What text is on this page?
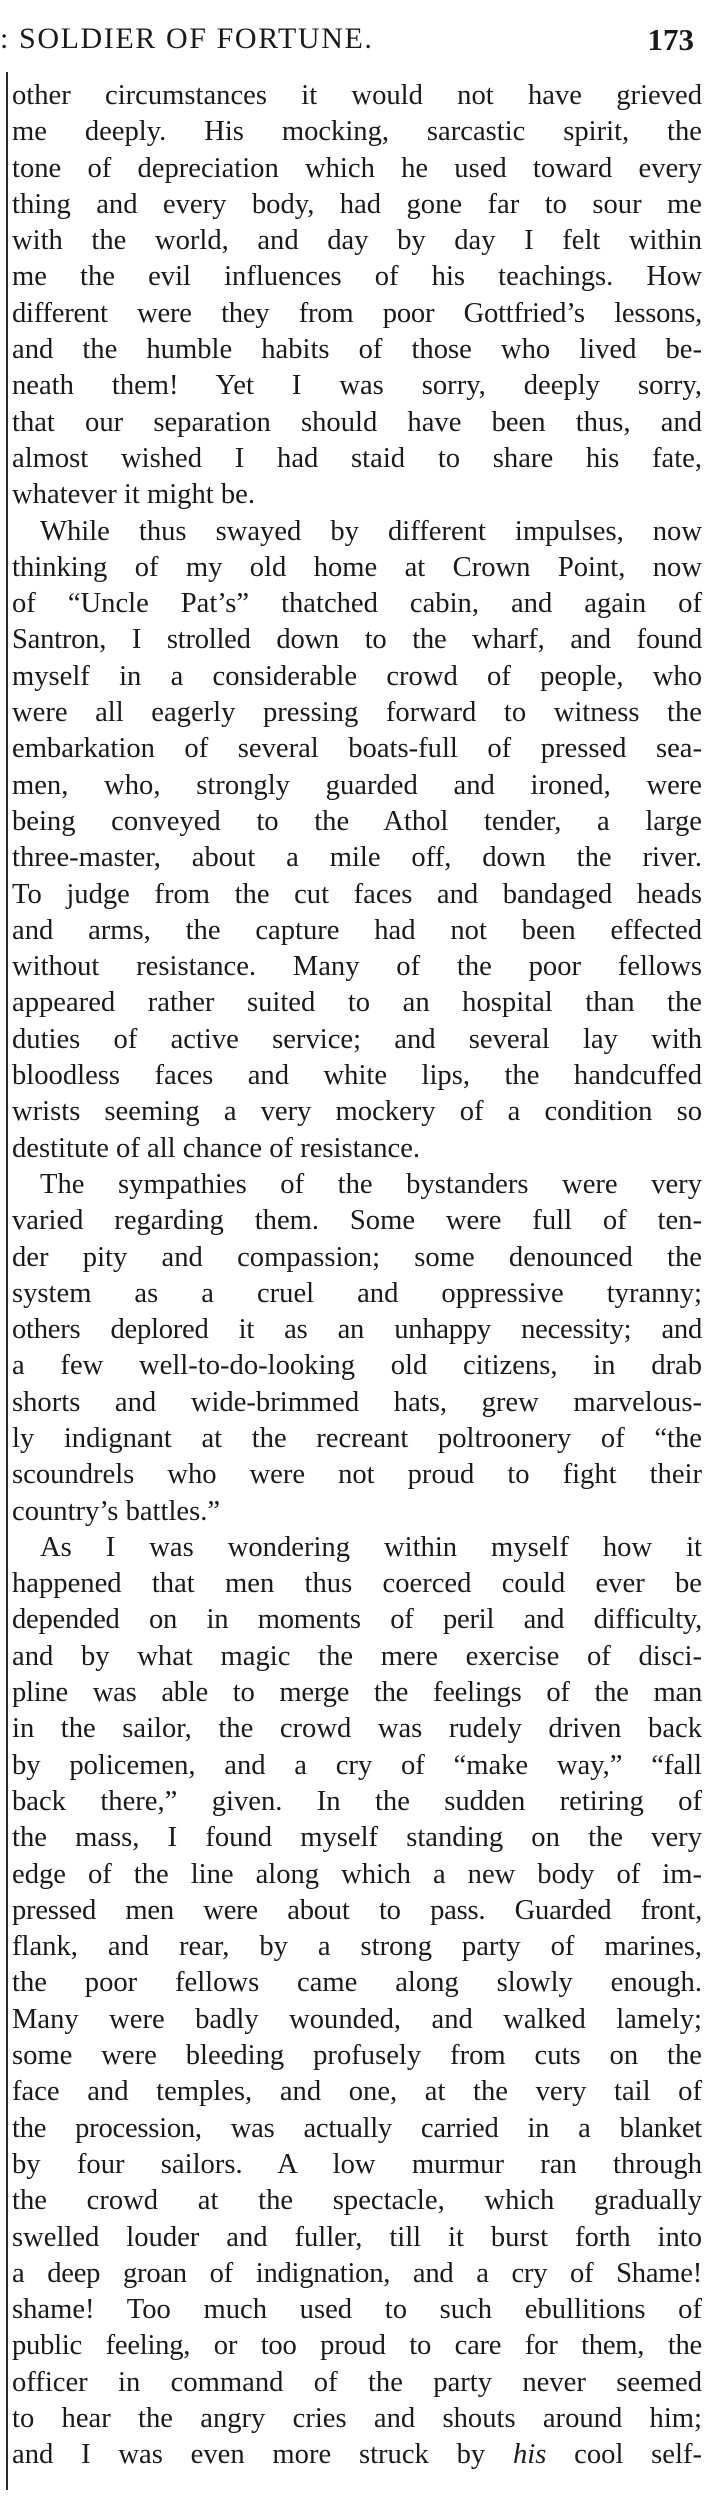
: SOLDIER OF FORTUNE.	173
other circumstances it would not have grieved
me deeply. His mocking, sarcastic spirit, the
tone of depreciation which he used toward every
thing and every body, had gone far to sour me
with the world, and day by day I felt within
me the evil influences of his teachings. How
different were they from poor Gottfried’s lessons,
and the humble habits of those who lived be-
neath them! Yet I was sorry, deeply sorry,
that our separation should have been thus, and
almost wished I had staid to share his fate,
whatever it might be.
While thus swayed by different impulses, now
thinking of my old home at Crown Point, now
of “Uncle Pat’s” thatched cabin, and again of
Santron, I strolled down to the wharf, and found
myself in a considerable crowd of people, who
were all eagerly pressing forward to witness the
embarkation of several boats-full of pressed sea-
men, who, strongly guarded and ironed, were
being conveyed to the Athol tender, a large
three-master, about a mile off, down the river.
To judge from the cut faces and bandaged heads
and arms, the capture had not been effected
without resistance. Many of the poor fellows
appeared rather suited to an hospital than the
duties of active service; and several lay with
bloodless faces and white lips, the handcuffed
wrists seeming a very mockery of a condition so
destitute of all chance of resistance.
The sympathies of the bystanders were very
varied regarding them. Some were full of ten-
der pity and compassion; some denounced the
system as a cruel and oppressive tyranny;
others deplored it as an unhappy necessity; and
a few well-to-do-looking old citizens, in drab
shorts and wide-brimmed hats, grew marvelous-
ly indignant at the recreant poltroonery of “the
scoundrels who were not proud to fight their
country’s battles.”
As I was wondering within myself how it
happened that men thus coerced could ever be
depended on in moments of peril and difficulty,
and by what magic the mere exercise of disci-
pline was able to merge the feelings of the man
in the sailor, the crowd was rudely driven back
by policemen, and a cry of “make way,” “fall
back there,” given. In the sudden retiring of
the mass, I found myself standing on the very
edge of the line along which a new body of im-
pressed men were about to pass. Guarded front,
flank, and rear, by a strong party of marines,
the poor fellows came along slowly enough.
Many were badly wounded, and walked lamely;
some were bleeding profusely from cuts on the
face and temples, and one, at the very tail of
the procession, was actually carried in a blanket
by four sailors. A low murmur ran through
the crowd at the spectacle, which gradually
swelled louder and fuller, till it burst forth into
a deep groan of indignation, and a cry of Shame!
shame! Too much used to such ebullitions of
public feeling, or too proud to care for them, the
officer in command of the party never seemed
to hear the angry cries and shouts around him;
and I was even more struck by his cool self-
